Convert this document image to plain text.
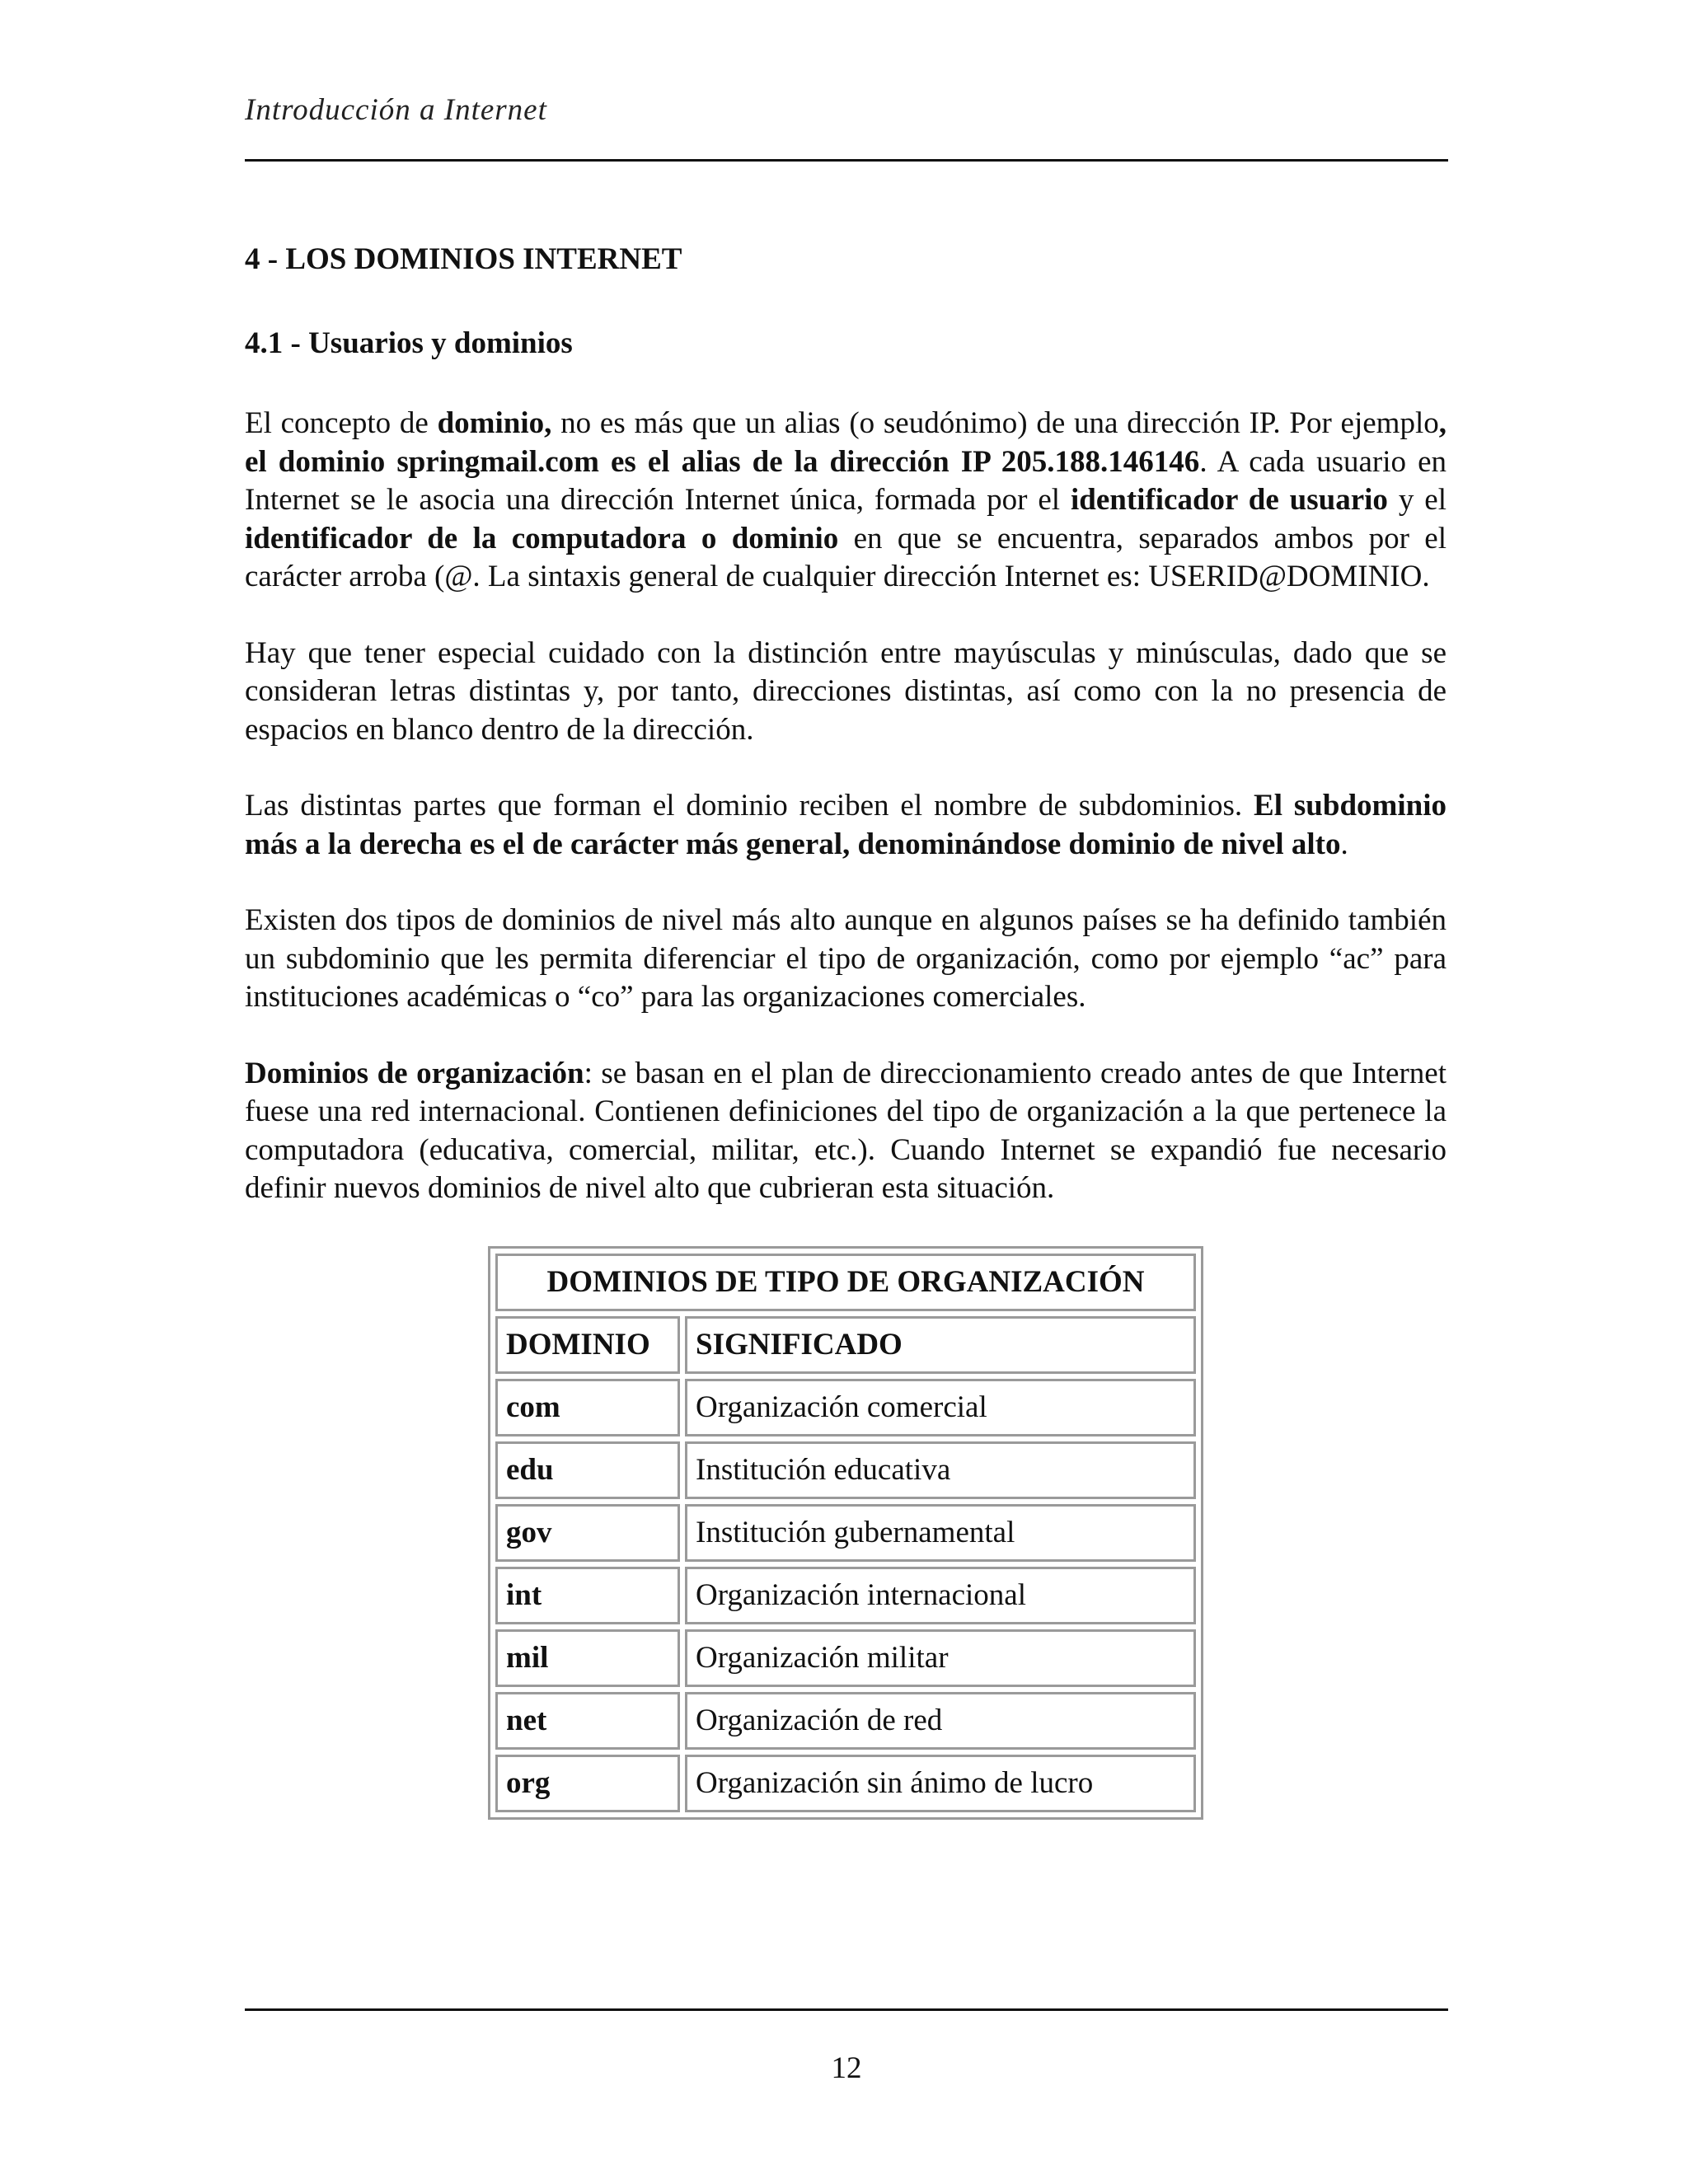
Introducción a Internet
4 - LOS DOMINIOS INTERNET
4.1 - Usuarios y dominios

El concepto de dominio, no es más que un alias (o seudónimo) de una dirección IP. Por ejemplo, el dominio springmail.com es el alias de la dirección IP 205.188.146146. A cada usuario en Internet se le asocia una dirección Internet única, formada por el identificador de usuario y el identificador de la computadora o dominio en que se encuentra, separados ambos por el carácter arroba (@. La sintaxis general de cualquier dirección Internet es: USERID@DOMINIO.

Hay que tener especial cuidado con la distinción entre mayúsculas y minúsculas, dado que se consideran letras distintas y, por tanto, direcciones distintas, así como con la no presencia de espacios en blanco dentro de la dirección.

Las distintas partes que forman el dominio reciben el nombre de subdominios. El subdominio más a la derecha es el de carácter más general, denominándose dominio de nivel alto.

Existen dos tipos de dominios de nivel más alto aunque en algunos países se ha definido también un subdominio que les permita diferenciar el tipo de organización, como por ejemplo “ac” para instituciones académicas o “co” para las organizaciones comerciales.

Dominios de organización: se basan en el plan de direccionamiento creado antes de que Internet fuese una red internacional. Contienen definiciones del tipo de organización a la que pertenece la computadora (educativa, comercial, militar, etc.). Cuando Internet se expandió fue necesario definir nuevos dominios de nivel alto que cubrieran esta situación.

DOMINIOS DE TIPO DE ORGANIZACIÓN	
DOMINIO	SIGNIFICADO
com	Organización comercial
edu	Institución educativa
gov	Institución gubernamental
int	Organización internacional
mil	Organización militar
net	Organización de red
org	Organización sin ánimo de lucro
12
